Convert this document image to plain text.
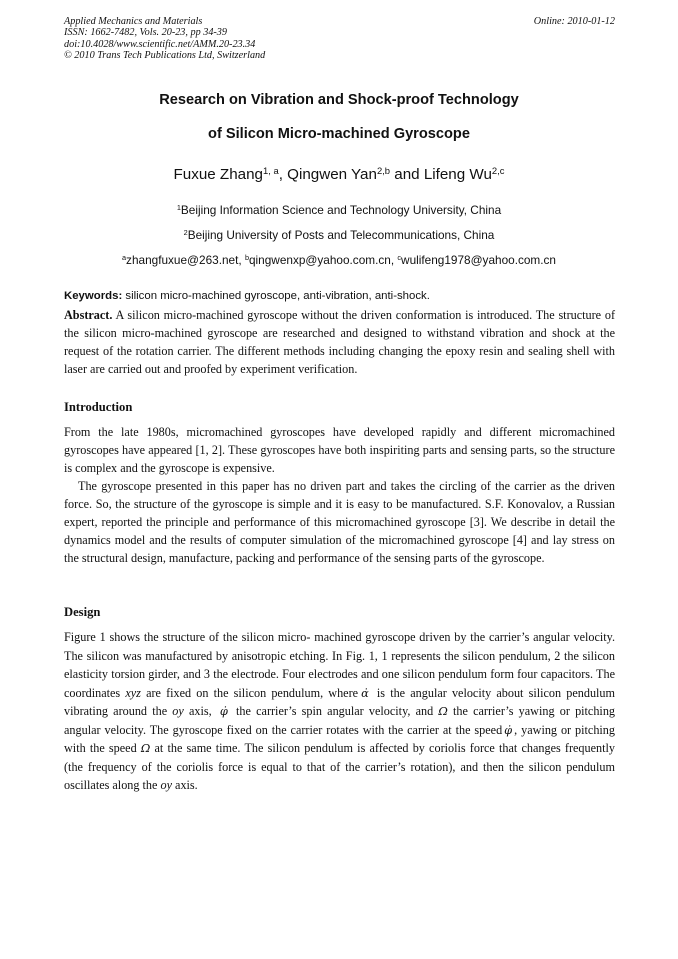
Applied Mechanics and Materials
ISSN: 1662-7482, Vols. 20-23, pp 34-39
doi:10.4028/www.scientific.net/AMM.20-23.34
© 2010 Trans Tech Publications Ltd, Switzerland
Online: 2010-01-12
Research on Vibration and Shock-proof Technology
of Silicon Micro-machined Gyroscope
Fuxue Zhang$^{1, a}$, Qingwen Yan$^{2,b}$ and Lifeng Wu$^{2,c}$
$^1$Beijing Information Science and Technology University, China
$^2$Beijing University of Posts and Telecommunications, China
$^a$zhangfuxue@263.net, $^b$qingwenxp@yahoo.com.cn, $^c$wulifeng1978@yahoo.com.cn
Keywords: silicon micro-machined gyroscope, anti-vibration, anti-shock.

Abstract. A silicon micro-machined gyroscope without the driven conformation is introduced. The structure of the silicon micro-machined gyroscope are researched and designed to withstand vibration and shock at the request of the rotation carrier. The different methods including changing the epoxy resin and sealing shell with laser are carried out and proofed by experiment verification.

Introduction

From the late 1980s, micromachined gyroscopes have developed rapidly and different micromachined gyroscopes have appeared [1, 2]. These gyroscopes have both inspiriting parts and sensing parts, so the structure is complex and the gyroscope is expensive.

The gyroscope presented in this paper has no driven part and takes the circling of the carrier as the driven force. So, the structure of the gyroscope is simple and it is easy to be manufactured. S.F. Konovalov, a Russian expert, reported the principle and performance of this micromachined gyroscope [3]. We describe in detail the dynamics model and the results of computer simulation of the micromachined gyroscope [4] and lay stress on the structural design, manufacture, packing and performance of the sensing parts of the gyroscope.

Design

Figure 1 shows the structure of the silicon micro- machined gyroscope driven by the carrier’s angular velocity. The silicon was manufactured by anisotropic etching. In Fig. 1, 1 represents the silicon pendulum, 2 the silicon elasticity torsion girder, and 3 the electrode. Four electrodes and one silicon pendulum form four capacitors. The coordinates xyz are fixed on the silicon pendulum, where α̇ is the angular velocity about silicon pendulum vibrating around the oy axis, φ̇ the carrier’s spin angular velocity, and Ω the carrier’s yawing or pitching angular velocity. The gyroscope fixed on the carrier rotates with the carrier at the speed φ̇ , yawing or pitching with the speed Ω at the same time. The silicon pendulum is affected by coriolis force that changes frequently (the frequency of the coriolis force is equal to that of the carrier’s rotation), and then the silicon pendulum oscillates along the oy axis.
